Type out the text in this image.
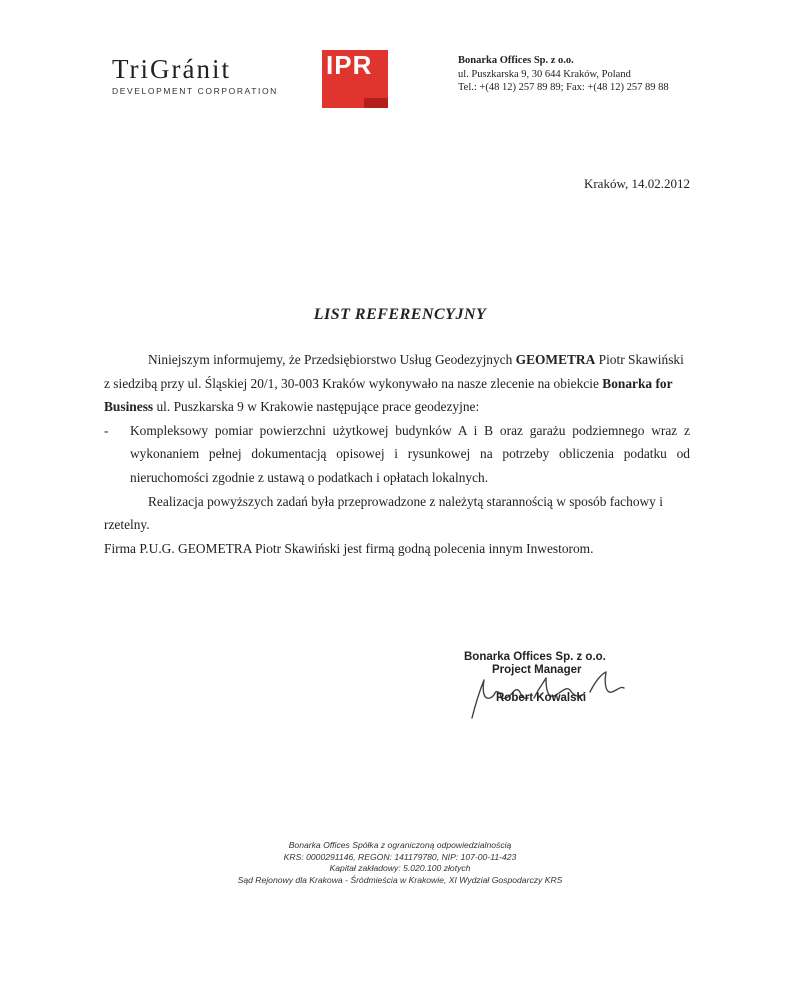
TriGránit
DEVELOPMENT CORPORATION
IPR	Bonarka Offices Sp. z o.o.
ul. Puszkarska 9, 30 644 Kraków, Poland
Tel.: +(48 12) 257 89 89; Fax: +(48 12) 257 89 88
Kraków, 14.02.2012
LIST REFERENCYJNY

Niniejszym informujemy, że Przedsiębiorstwo Usług Geodezyjnych GEOMETRA Piotr Skawiński z siedzibą przy ul. Śląskiej 20/1, 30-003 Kraków wykonywało na nasze zlecenie na obiekcie Bonarka for Business ul. Puszkarska 9 w Krakowie następujące prace geodezyjne:

-	Kompleksowy pomiar powierzchni użytkowej budynków A i B oraz garażu podziemnego wraz z wykonaniem pełnej dokumentacją opisowej i rysunkowej na potrzeby obliczenia podatku od nieruchomości zgodnie z ustawą o podatkach i opłatach lokalnych.

Realizacja powyższych zadań była przeprowadzone z należytą starannością w sposób fachowy i rzetelny.

Firma P.U.G. GEOMETRA Piotr Skawiński jest firmą godną polecenia innym Inwestorom.

Bonarka Offices Sp. z o.o.
Project Manager
Robert Kowalski
Bonarka Offices Spółka z ograniczoną odpowiedzialnością
KRS: 0000291146, REGON: 141179780, NIP: 107-00-11-423
Kapitał zakładowy: 5.020.100 złotych
Sąd Rejonowy dla Krakowa - Śródmieścia w Krakowie, XI Wydział Gospodarczy KRS
